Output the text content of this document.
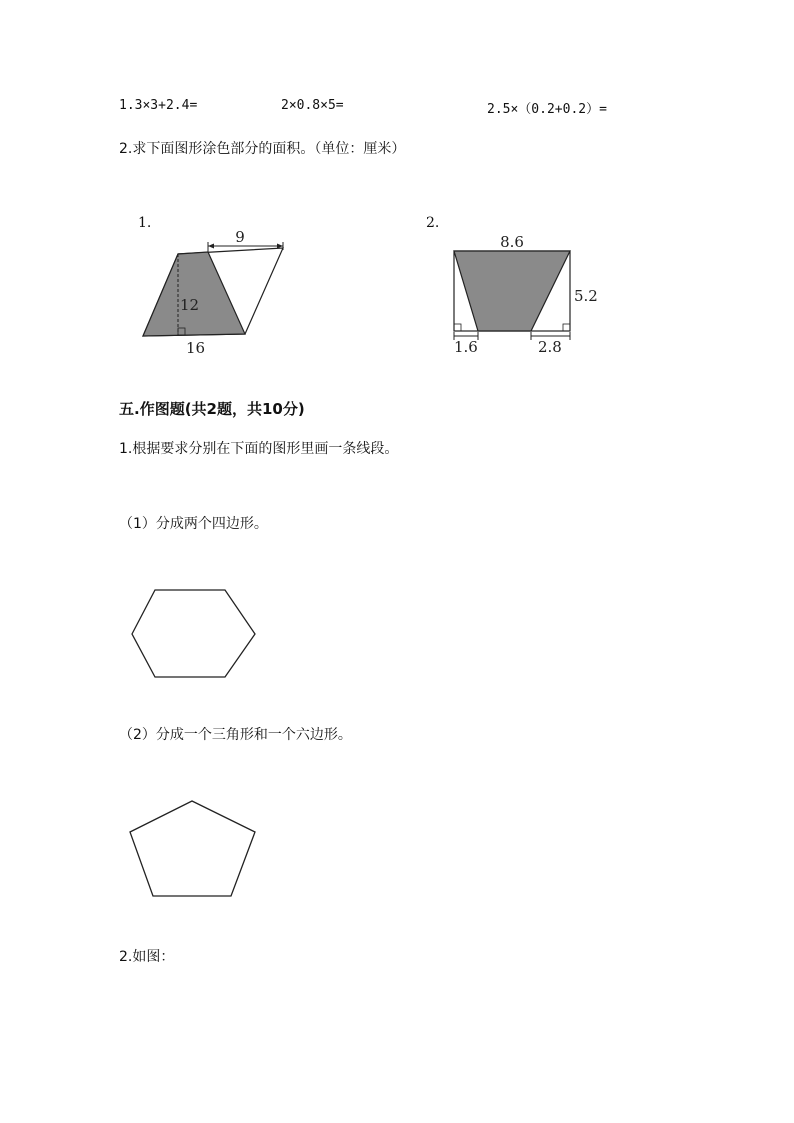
1.3×3+2.4=	2×0.8×5=	2.5×（0.2+0.2）=
2.求下面图形涂色部分的面积。（单位：厘米）
1.
9
12
16
2.
8.6
5.2
1.6	2.8
五.作图题(共2题，共10分)
1.根据要求分别在下面的图形里画一条线段。
（1）分成两个四边形。
（2）分成一个三角形和一个六边形。
2.如图：
